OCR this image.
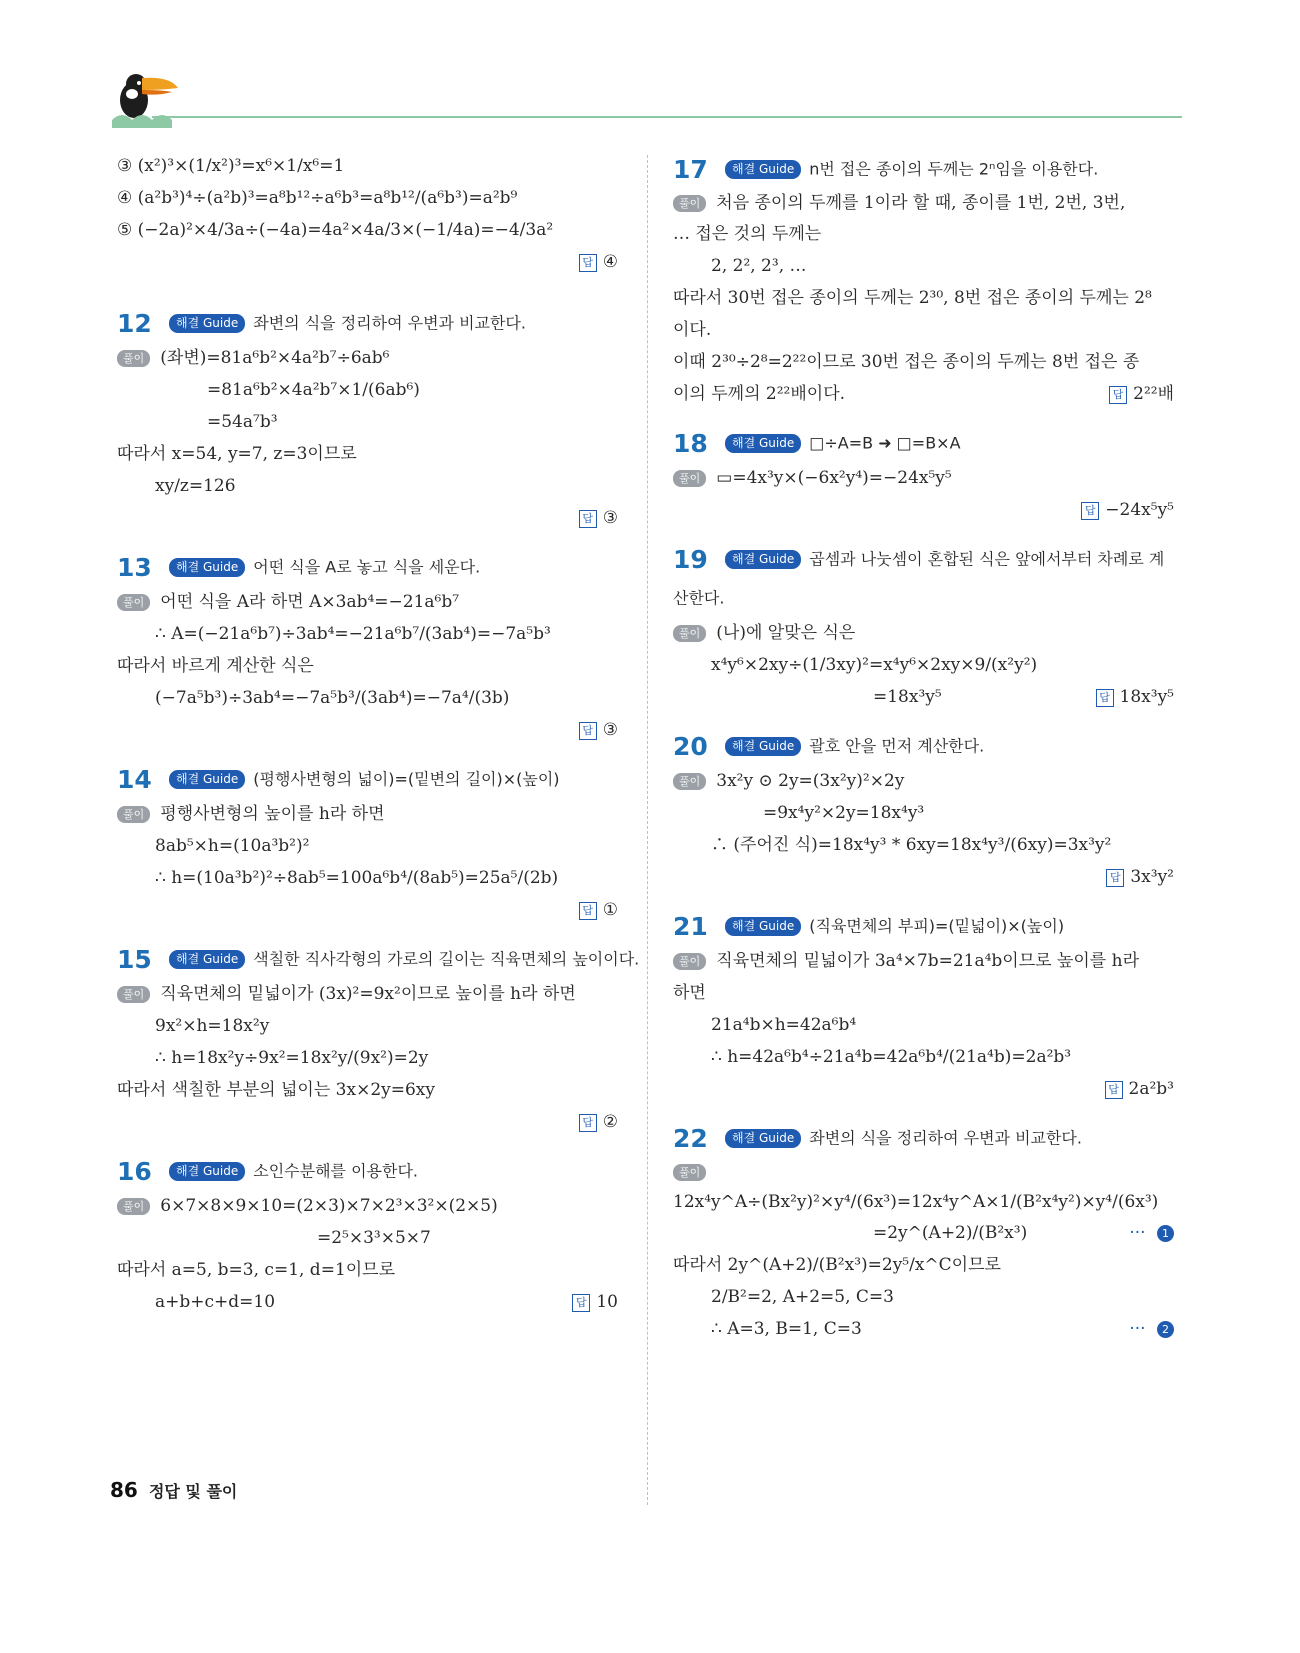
③ (x²)³×(1/x²)³=x⁶×1/x⁶=1
④ (a²b³)⁴÷(a²b)³=a⁸b¹²÷a⁶b³=a⁸b¹²/(a⁶b³)=a²b⁹
⑤ (−2a)²×4/3a÷(−4a)=4a²×4a/3×(−1/4a)=−4/3a²
답 ④
12 해결 Guide 좌변의 식을 정리하여 우변과 비교한다.
풀이 (좌변)=81a⁶b²×4a²b⁷÷6ab⁶
=81a⁶b²×4a²b⁷×1/(6ab⁶)
=54a⁷b³
따라서 x=54, y=7, z=3이므로
xy/z=126
답 ③
13 해결 Guide 어떤 식을 A로 놓고 식을 세운다.
풀이 어떤 식을 A라 하면 A×3ab⁴=−21a⁶b⁷
∴ A=(−21a⁶b⁷)÷3ab⁴=−21a⁶b⁷/(3ab⁴)=−7a⁵b³
따라서 바르게 계산한 식은
(−7a⁵b³)÷3ab⁴=−7a⁵b³/(3ab⁴)=−7a⁴/(3b)
답 ③
14 해결 Guide (평행사변형의 넓이)=(밑변의 길이)×(높이)
풀이 평행사변형의 높이를 h라 하면
8ab⁵×h=(10a³b²)²
∴ h=(10a³b²)²÷8ab⁵=100a⁶b⁴/(8ab⁵)=25a⁵/(2b)
답 ①
15 해결 Guide 색칠한 직사각형의 가로의 길이는 직육면체의 높이이다.
풀이 직육면체의 밑넓이가 (3x)²=9x²이므로 높이를 h라 하면
9x²×h=18x²y
∴ h=18x²y÷9x²=18x²y/(9x²)=2y
따라서 색칠한 부분의 넓이는 3x×2y=6xy
답 ②
16 해결 Guide 소인수분해를 이용한다.
풀이 6×7×8×9×10=(2×3)×7×2³×3²×(2×5)
=2⁵×3³×5×7
따라서 a=5, b=3, c=1, d=1이므로
a+b+c+d=10	답 10
17 해결 Guide n번 접은 종이의 두께는 2ⁿ임을 이용한다.
풀이 처음 종이의 두께를 1이라 할 때, 종이를 1번, 2번, 3번,
… 접은 것의 두께는
2, 2², 2³, …
따라서 30번 접은 종이의 두께는 2³⁰, 8번 접은 종이의 두께는 2⁸
이다.
이때 2³⁰÷2⁸=2²²이므로 30번 접은 종이의 두께는 8번 접은 종
이의 두께의 2²²배이다.	답 2²²배
18 해결 Guide □÷A=B ➜ □=B×A
풀이 ▭=4x³y×(−6x²y⁴)=−24x⁵y⁵
답 −24x⁵y⁵
19 해결 Guide 곱셈과 나눗셈이 혼합된 식은 앞에서부터 차례로 계산한다.
풀이 (나)에 알맞은 식은
x⁴y⁶×2xy÷(1/3xy)²=x⁴y⁶×2xy×9/(x²y²)
=18x³y⁵	답 18x³y⁵
20 해결 Guide 괄호 안을 먼저 계산한다.
풀이 3x²y ⊙ 2y=(3x²y)²×2y
=9x⁴y²×2y=18x⁴y³
∴ (주어진 식)=18x⁴y³ * 6xy=18x⁴y³/(6xy)=3x³y²
답 3x³y²
21 해결 Guide (직육면체의 부피)=(밑넓이)×(높이)
풀이 직육면체의 밑넓이가 3a⁴×7b=21a⁴b이므로 높이를 h라
하면
21a⁴b×h=42a⁶b⁴
∴ h=42a⁶b⁴÷21a⁴b=42a⁶b⁴/(21a⁴b)=2a²b³
답 2a²b³
22 해결 Guide 좌변의 식을 정리하여 우변과 비교한다.
풀이12x⁴y^A÷(Bx²y)²×y⁴/(6x³)=12x⁴y^A×1/(B²x⁴y²)×y⁴/(6x³)
=2y^(A+2)/(B²x³)	··· 1
따라서 2y^(A+2)/(B²x³)=2y⁵/x^C이므로
2/B²=2, A+2=5, C=3
∴ A=3, B=1, C=3	··· 2
86 정답 및 풀이
